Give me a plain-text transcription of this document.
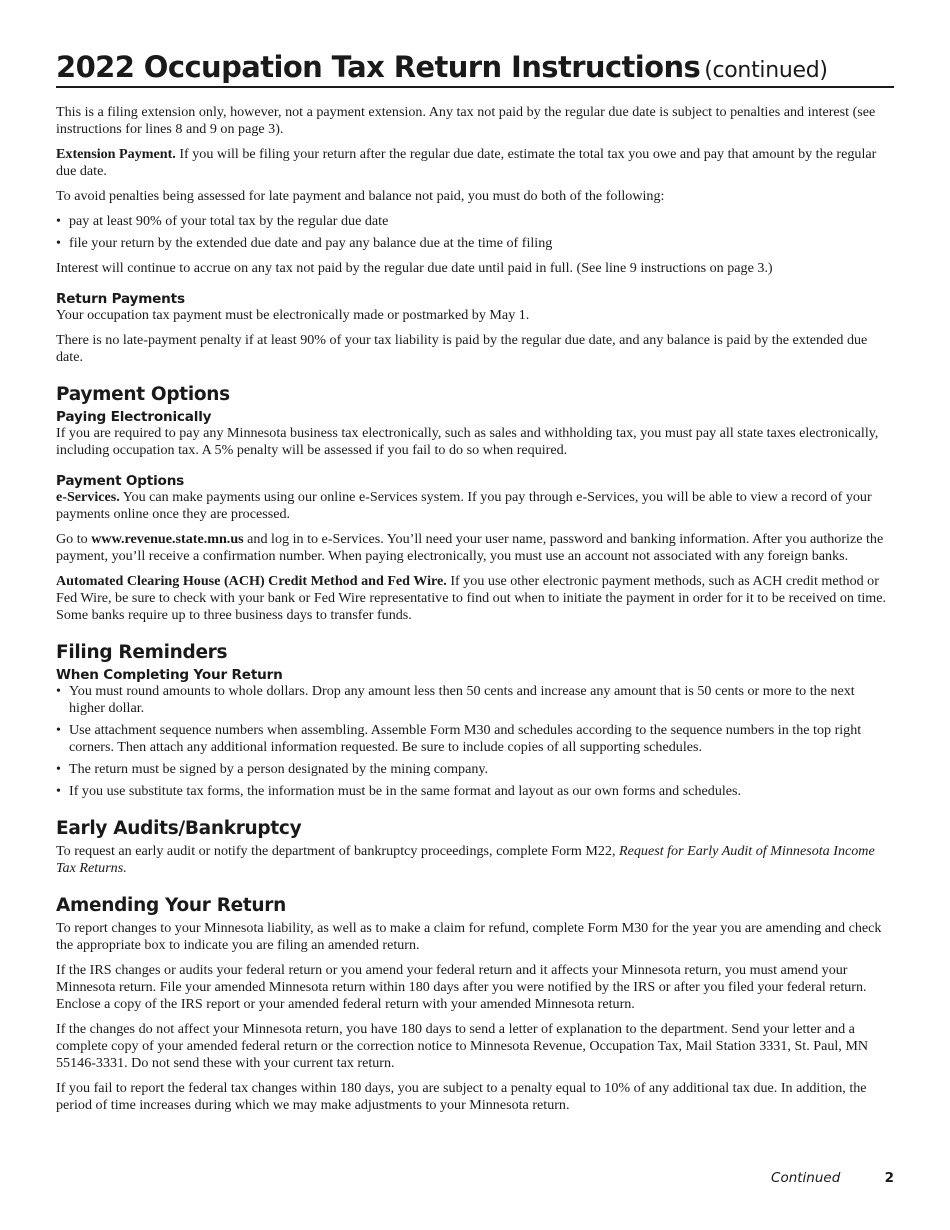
2022 Occupation Tax Return Instructions (continued)

This is a filing extension only, however, not a payment extension. Any tax not paid by the regular due date is subject to penalties and interest (see instructions for lines 8 and 9 on page 3).

Extension Payment. If you will be filing your return after the regular due date, estimate the total tax you owe and pay that amount by the regular due date.

To avoid penalties being assessed for late payment and balance not paid, you must do both of the following:

• pay at least 90% of your total tax by the regular due date
• file your return by the extended due date and pay any balance due at the time of filing

Interest will continue to accrue on any tax not paid by the regular due date until paid in full. (See line 9 instructions on page 3.)

Return Payments

Your occupation tax payment must be electronically made or postmarked by May 1.

There is no late-payment penalty if at least 90% of your tax liability is paid by the regular due date, and any balance is paid by the extended due date.

Payment Options
Paying Electronically

If you are required to pay any Minnesota business tax electronically, such as sales and withholding tax, you must pay all state taxes electronically, including occupation tax. A 5% penalty will be assessed if you fail to do so when required.

Payment Options

e-Services. You can make payments using our online e-Services system. If you pay through e-Services, you will be able to view a record of your payments online once they are processed.

Go to www.revenue.state.mn.us and log in to e-Services. You’ll need your user name, password and banking information. After you authorize the payment, you’ll receive a confirmation number. When paying electronically, you must use an account not associated with any foreign banks.

Automated Clearing House (ACH) Credit Method and Fed Wire. If you use other electronic payment methods, such as ACH credit method or Fed Wire, be sure to check with your bank or Fed Wire representative to find out when to initiate the payment in order for it to be received on time. Some banks require up to three business days to transfer funds.

Filing Reminders
When Completing Your Return
• You must round amounts to whole dollars. Drop any amount less then 50 cents and increase any amount that is 50 cents or more to the next higher dollar.
• Use attachment sequence numbers when assembling. Assemble Form M30 and schedules according to the sequence numbers in the top right corners. Then attach any additional information requested. Be sure to include copies of all supporting schedules.
• The return must be signed by a person designated by the mining company.
• If you use substitute tax forms, the information must be in the same format and layout as our own forms and schedules.
Early Audits/Bankruptcy

To request an early audit or notify the department of bankruptcy proceedings, complete Form M22, Request for Early Audit of Minnesota Income Tax Returns.

Amending Your Return

To report changes to your Minnesota liability, as well as to make a claim for refund, complete Form M30 for the year you are amending and check the appropriate box to indicate you are filing an amended return.

If the IRS changes or audits your federal return or you amend your federal return and it affects your Minnesota return, you must amend your Minnesota return. File your amended Minnesota return within 180 days after you were notified by the IRS or after you filed your federal return. Enclose a copy of the IRS report or your amended federal return with your amended Minnesota return.

If the changes do not affect your Minnesota return, you have 180 days to send a letter of explanation to the department. Send your letter and a complete copy of your amended federal return or the correction notice to Minnesota Revenue, Occupation Tax, Mail Station 3331, St. Paul, MN 55146-3331. Do not send these with your current tax return.

If you fail to report the federal tax changes within 180 days, you are subject to a penalty equal to 10% of any additional tax due. In addition, the period of time increases during which we may make adjustments to your Minnesota return.

Continued	2
